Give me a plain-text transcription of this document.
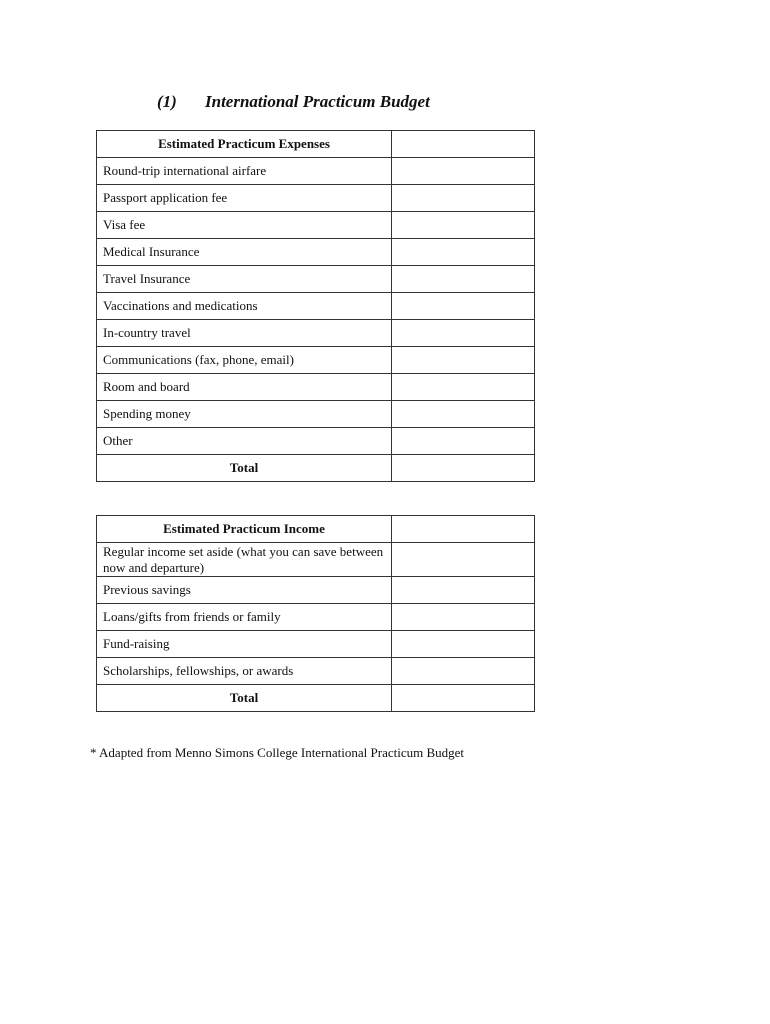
(1) International Practicum Budget
Estimated Practicum Expenses	
Round-trip international airfare	
Passport application fee	
Visa fee	
Medical Insurance	
Travel Insurance	
Vaccinations and medications	
In-country travel	
Communications (fax, phone, email)	
Room and board	
Spending money	
Other	
Total	
Estimated Practicum Income	
Regular income set aside (what you can save between now and departure)	
Previous savings	
Loans/gifts from friends or family	
Fund-raising	
Scholarships, fellowships, or awards	
Total	
* Adapted from Menno Simons College International Practicum Budget
